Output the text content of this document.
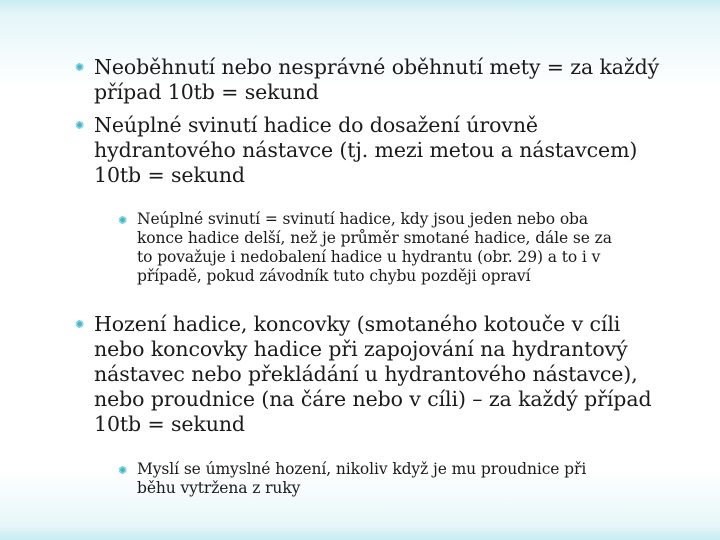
✺ Neoběhnutí nebo nesprávné oběhnutí mety = za každý
případ 10tb = sekund
✺ Neúplné svinutí hadice do dosažení úrovně
hydrantového nástavce (tj. mezi metou a nástavcem)
10tb = sekund
✺ Neúplné svinutí = svinutí hadice, kdy jsou jeden nebo oba
konce hadice delší, než je průměr smotané hadice, dále se za
to považuje i nedobalení hadice u hydrantu (obr. 29) a to i v
případě, pokud závodník tuto chybu později opraví
✺ Hození hadice, koncovky (smotaného kotouče v cíli
nebo koncovky hadice při zapojování na hydrantový
nástavec nebo překládání u hydrantového nástavce),
nebo proudnice (na čáre nebo v cíli) – za každý případ
10tb = sekund
✺ Myslí se úmyslné hození, nikoliv když je mu proudnice při
běhu vytržena z ruky
